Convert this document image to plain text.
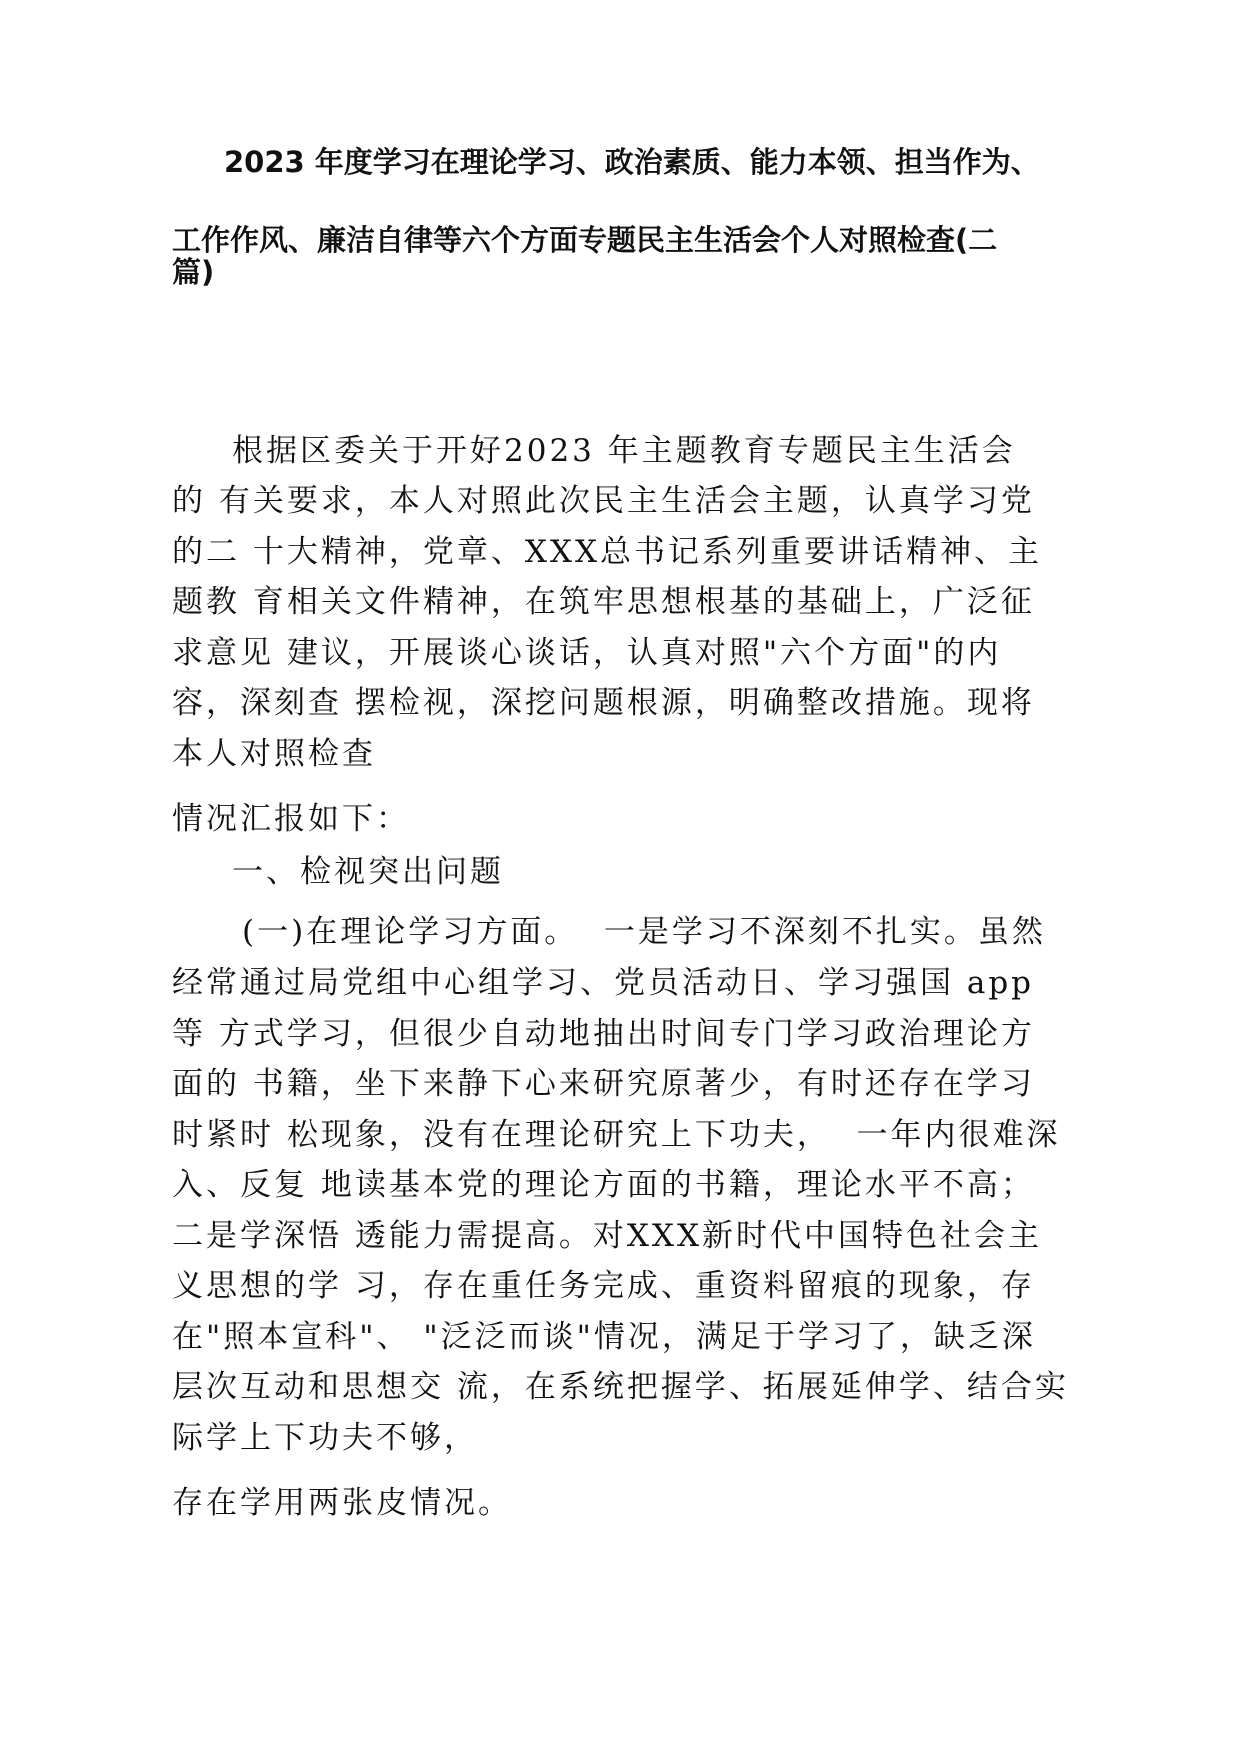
2023 年度学习在理论学习、政治素质、能力本领、担当作为、
工作作风、廉洁自律等六个方面专题民主生活会个人对照检查(二
篇)
根据区委关于开好2023 年主题教育专题民主生活会
的 有关要求，本人对照此次民主生活会主题，认真学习党
的二 十大精神，党章、XXX总书记系列重要讲话精神、主
题教 育相关文件精神，在筑牢思想根基的基础上，广泛征
求意见 建议，开展谈心谈话，认真对照"六个方面"的内
容，深刻查 摆检视，深挖问题根源，明确整改措施。现将
本人对照检查
情况汇报如下：
一、检视突出问题
(一)在理论学习方面。  一是学习不深刻不扎实。虽然
经常通过局党组中心组学习、党员活动日、学习强国 app
等 方式学习，但很少自动地抽出时间专门学习政治理论方
面的 书籍，坐下来静下心来研究原著少，有时还存在学习
时紧时 松现象，没有在理论研究上下功夫，  一年内很难深
入、反复 地读基本党的理论方面的书籍，理论水平不高；
二是学深悟 透能力需提高。对XXX新时代中国特色社会主
义思想的学 习，存在重任务完成、重资料留痕的现象，存
在"照本宣科"、 "泛泛而谈"情况，满足于学习了，缺乏深
层次互动和思想交 流，在系统把握学、拓展延伸学、结合实
际学上下功夫不够，
存在学用两张皮情况。
